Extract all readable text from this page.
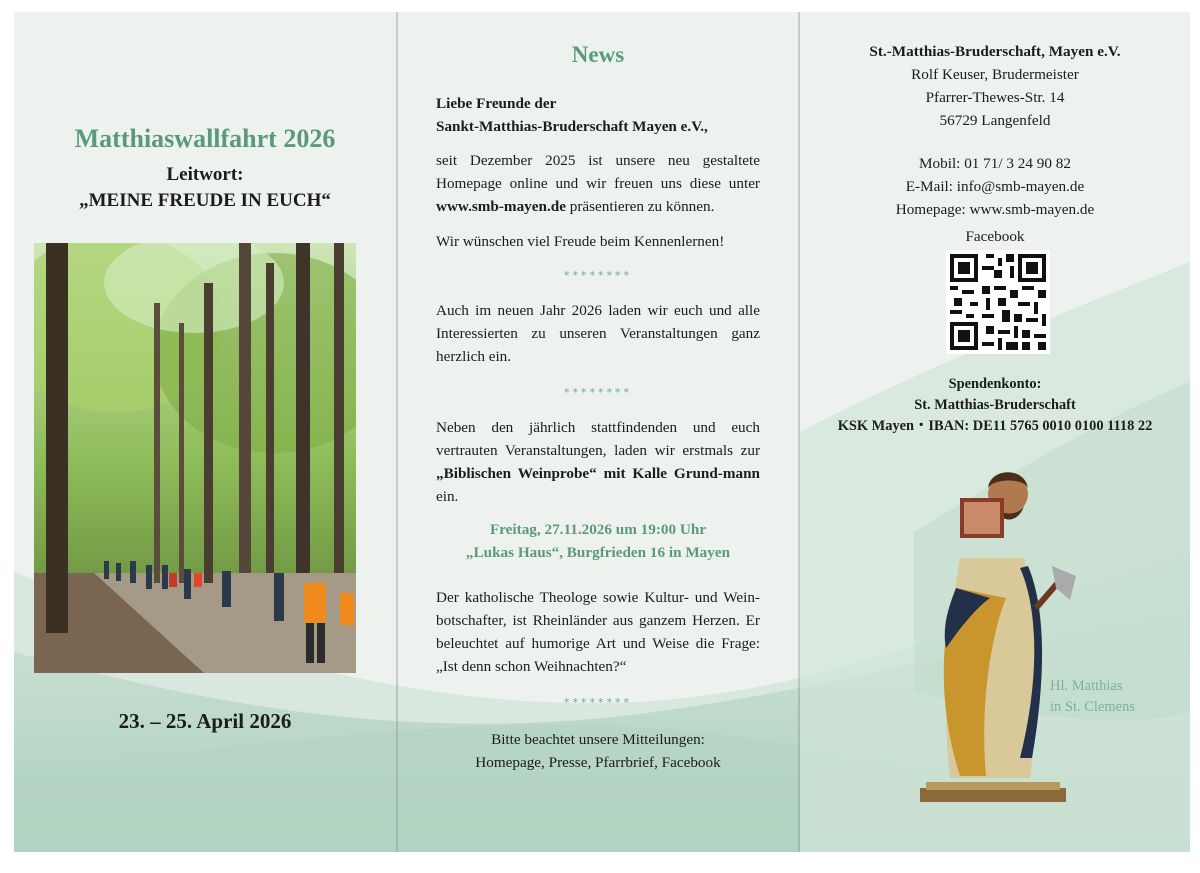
Matthiaswallfahrt 2026
Leitwort:
„MEINE FREUDE IN EUCH“
23. – 25. April 2026
News
Liebe Freunde der
Sankt-Matthias-Bruderschaft Mayen e.V.,
seit Dezember 2025 ist unsere neu gestaltete Homepage online und wir freuen uns diese unter www.smb-mayen.de präsentieren zu können.
Wir wünschen viel Freude beim Kennenlernen!
********
Auch im neuen Jahr 2026 laden wir euch und alle Interessierten zu unseren Veranstaltungen ganz herzlich ein.
********
Neben den jährlich stattfindenden und euch vertrauten Veranstaltungen, laden wir erstmals zur „Biblischen Weinprobe“ mit Kalle Grund-mann ein.
Freitag, 27.11.2026 um 19:00 Uhr
„Lukas Haus“, Burgfrieden 16 in Mayen
Der katholische Theologe sowie Kultur- und Wein-botschafter, ist Rheinländer aus ganzem Herzen. Er beleuchtet auf humorige Art und Weise die Frage: „Ist denn schon Weihnachten?“
********
Bitte beachtet unsere Mitteilungen:
Homepage, Presse, Pfarrbrief, Facebook
St.-Matthias-Bruderschaft, Mayen e.V.
Rolf Keuser, Brudermeister
Pfarrer-Thewes-Str. 14
56729 Langenfeld
Mobil: 01 71/ 3 24 90 82
E-Mail: info@smb-mayen.de
Homepage: www.smb-mayen.de
Facebook
Spendenkonto:
St. Matthias-Bruderschaft
KSK Mayen・IBAN: DE11 5765 0010 0100 1118 22
Hl. Matthias
in St. Clemens
